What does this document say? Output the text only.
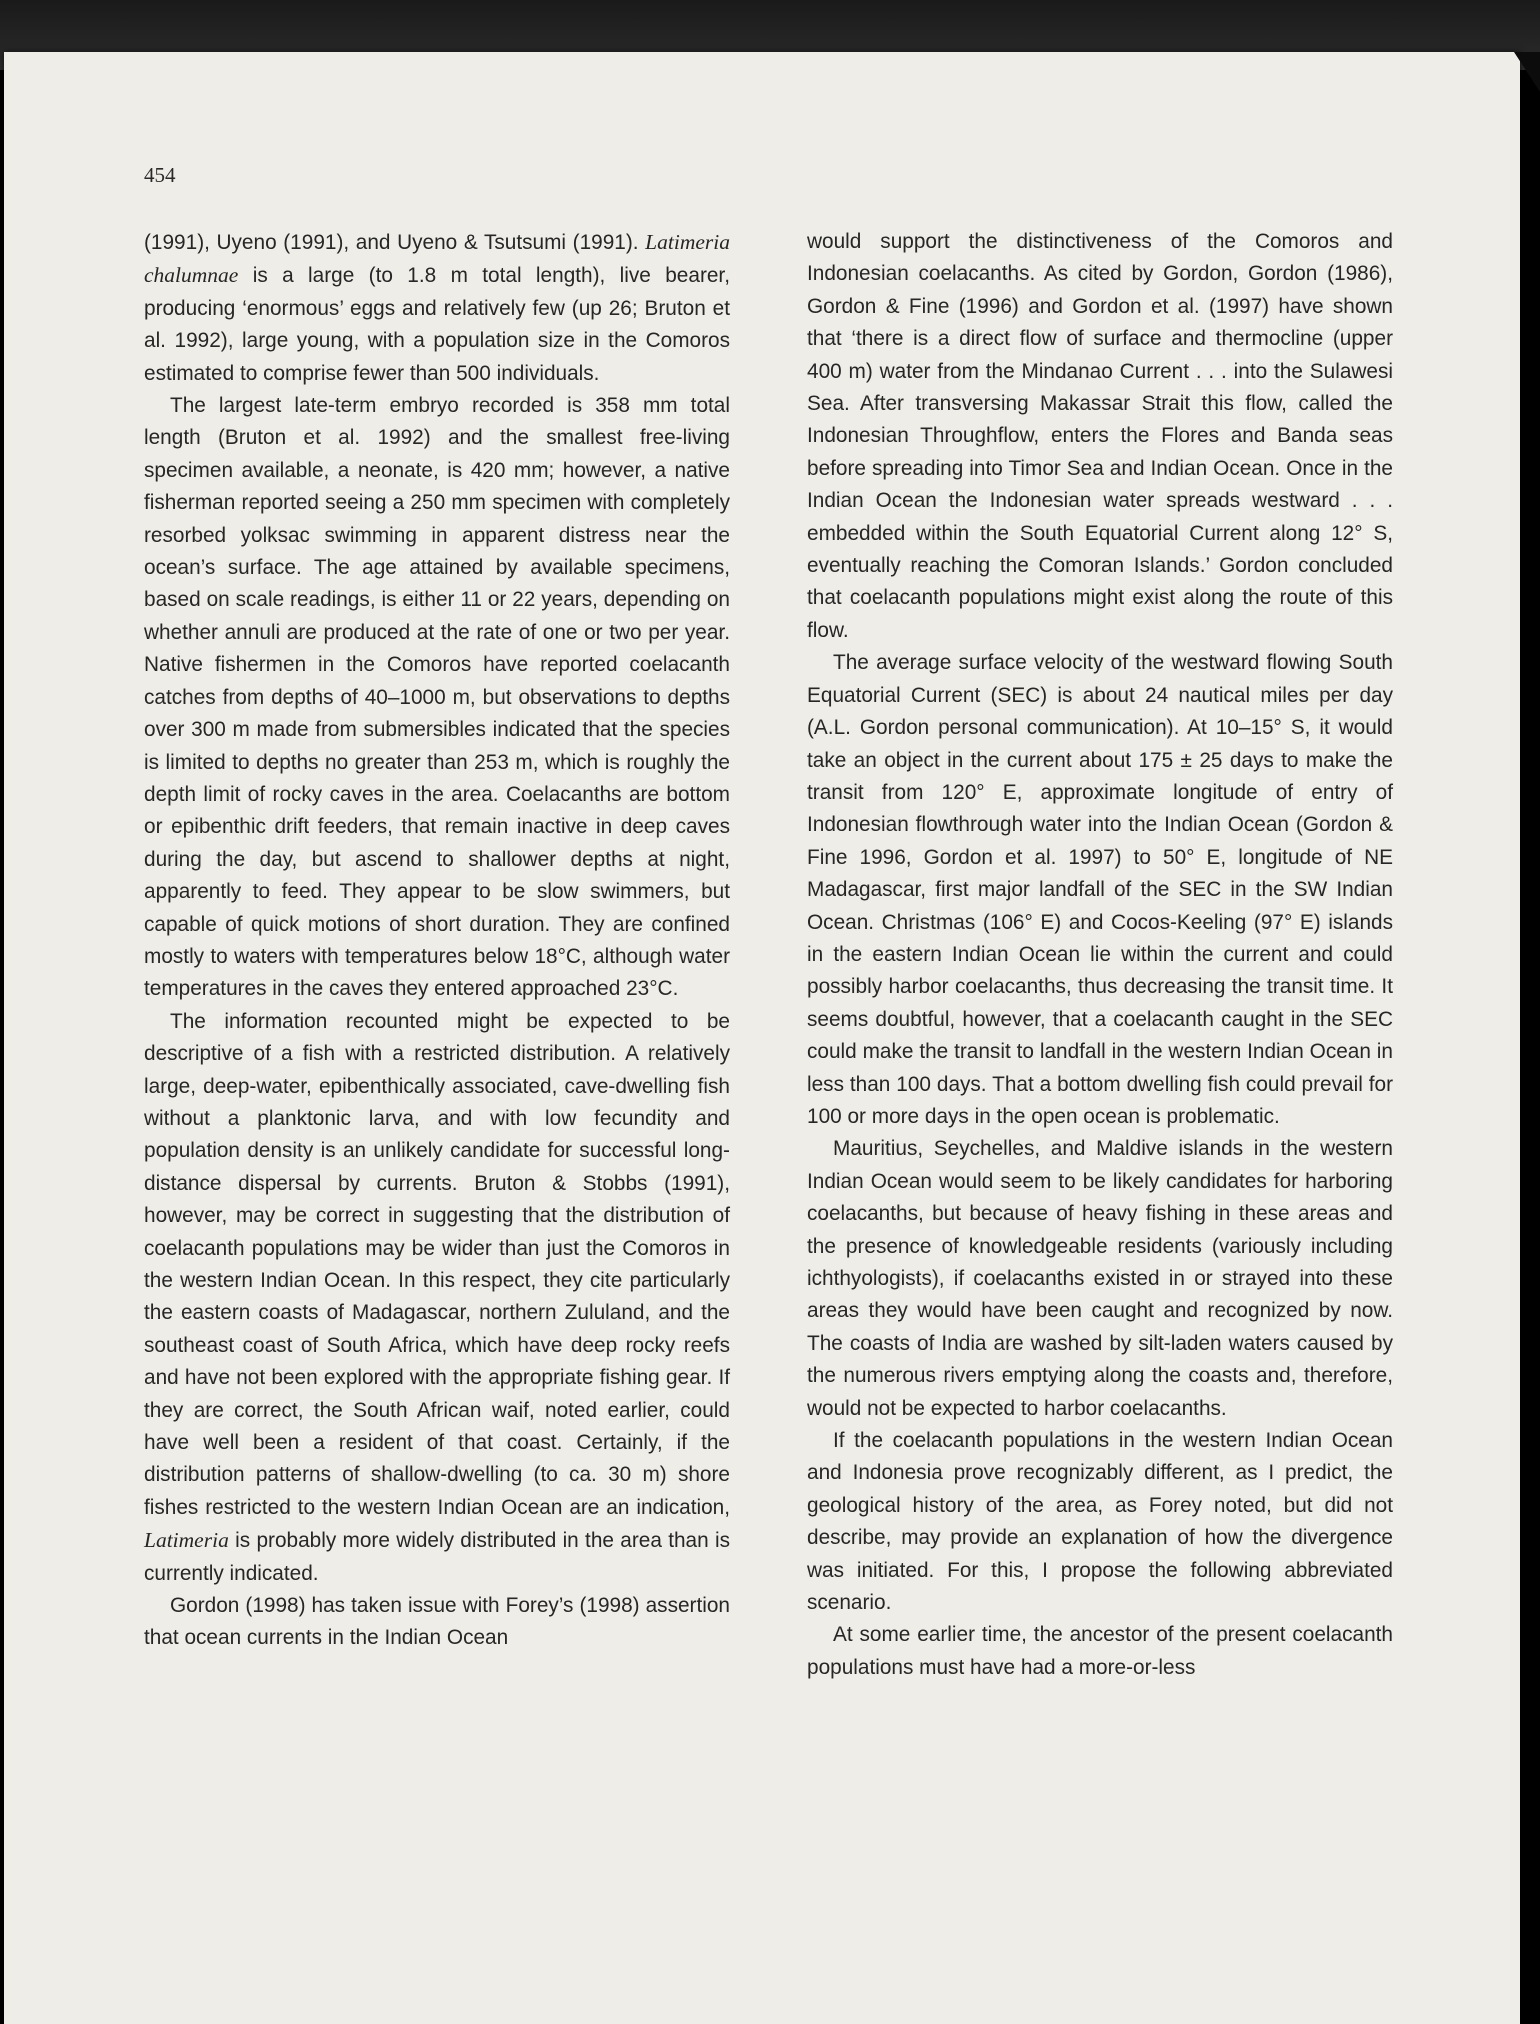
454

(1991), Uyeno (1991), and Uyeno & Tsutsumi (1991). Latimeria chalumnae is a large (to 1.8 m total length), live bearer, producing ‘enormous’ eggs and relatively few (up 26; Bruton et al. 1992), large young, with a population size in the Comoros estimated to comprise fewer than 500 individuals.

The largest late-term embryo recorded is 358 mm total length (Bruton et al. 1992) and the smallest free-living specimen available, a neonate, is 420 mm; however, a native fisherman reported seeing a 250 mm specimen with completely resorbed yolksac swimming in apparent distress near the ocean’s surface. The age attained by available specimens, based on scale readings, is either 11 or 22 years, depending on whether annuli are produced at the rate of one or two per year. Native fishermen in the Comoros have reported coelacanth catches from depths of 40–1000 m, but observations to depths over 300 m made from submersibles indicated that the species is limited to depths no greater than 253 m, which is roughly the depth limit of rocky caves in the area. Coelacanths are bottom or epibenthic drift feeders, that remain inactive in deep caves during the day, but ascend to shallower depths at night, apparently to feed. They appear to be slow swimmers, but capable of quick motions of short duration. They are confined mostly to waters with temperatures below 18°C, although water temperatures in the caves they entered approached 23°C.

The information recounted might be expected to be descriptive of a fish with a restricted distribution. A relatively large, deep-water, epibenthically associated, cave-dwelling fish without a planktonic larva, and with low fecundity and population density is an unlikely candidate for successful long-distance dispersal by currents. Bruton & Stobbs (1991), however, may be correct in suggesting that the distribution of coelacanth populations may be wider than just the Comoros in the western Indian Ocean. In this respect, they cite particularly the eastern coasts of Madagascar, northern Zululand, and the southeast coast of South Africa, which have deep rocky reefs and have not been explored with the appropriate fishing gear. If they are correct, the South African waif, noted earlier, could have well been a resident of that coast. Certainly, if the distribution patterns of shallow-dwelling (to ca. 30 m) shore fishes restricted to the western Indian Ocean are an indication, Latimeria is probably more widely distributed in the area than is currently indicated.

Gordon (1998) has taken issue with Forey’s (1998) assertion that ocean currents in the Indian Ocean

would support the distinctiveness of the Comoros and Indonesian coelacanths. As cited by Gordon, Gordon (1986), Gordon & Fine (1996) and Gordon et al. (1997) have shown that ‘there is a direct flow of surface and thermocline (upper 400 m) water from the Mindanao Current . . . into the Sulawesi Sea. After transversing Makassar Strait this flow, called the Indonesian Throughflow, enters the Flores and Banda seas before spreading into Timor Sea and Indian Ocean. Once in the Indian Ocean the Indonesian water spreads westward . . . embedded within the South Equatorial Current along 12° S, eventually reaching the Comoran Islands.’ Gordon concluded that coelacanth populations might exist along the route of this flow.

The average surface velocity of the westward flowing South Equatorial Current (SEC) is about 24 nautical miles per day (A.L. Gordon personal communication). At 10–15° S, it would take an object in the current about 175 ± 25 days to make the transit from 120° E, approximate longitude of entry of Indonesian flowthrough water into the Indian Ocean (Gordon & Fine 1996, Gordon et al. 1997) to 50° E, longitude of NE Madagascar, first major landfall of the SEC in the SW Indian Ocean. Christmas (106° E) and Cocos-Keeling (97° E) islands in the eastern Indian Ocean lie within the current and could possibly harbor coelacanths, thus decreasing the transit time. It seems doubtful, however, that a coelacanth caught in the SEC could make the transit to landfall in the western Indian Ocean in less than 100 days. That a bottom dwelling fish could prevail for 100 or more days in the open ocean is problematic.

Mauritius, Seychelles, and Maldive islands in the western Indian Ocean would seem to be likely candidates for harboring coelacanths, but because of heavy fishing in these areas and the presence of knowledgeable residents (variously including ichthyologists), if coelacanths existed in or strayed into these areas they would have been caught and recognized by now. The coasts of India are washed by silt-laden waters caused by the numerous rivers emptying along the coasts and, therefore, would not be expected to harbor coelacanths.

If the coelacanth populations in the western Indian Ocean and Indonesia prove recognizably different, as I predict, the geological history of the area, as Forey noted, but did not describe, may provide an explanation of how the divergence was initiated. For this, I propose the following abbreviated scenario.

At some earlier time, the ancestor of the present coelacanth populations must have had a more-or-less
